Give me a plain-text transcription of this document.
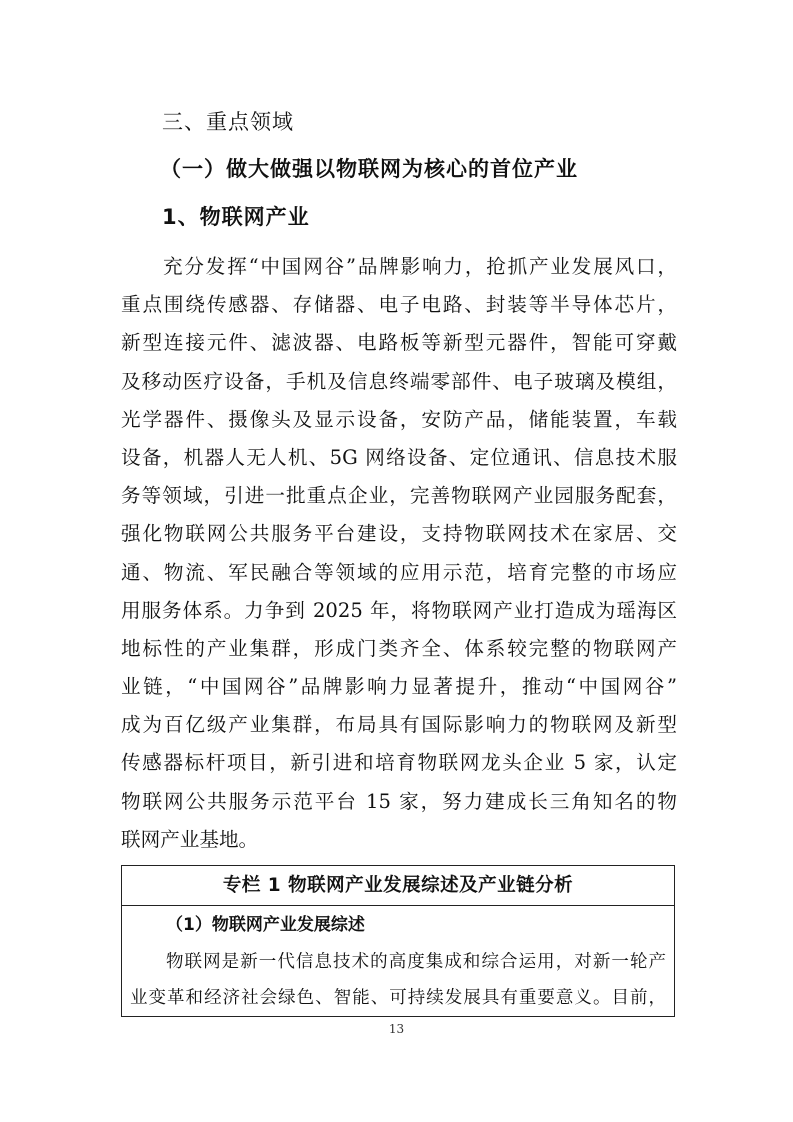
三、重点领域
（一）做大做强以物联网为核心的首位产业
1、物联网产业
充分发挥“中国网谷”品牌影响力，抢抓产业发展风口，
重点围绕传感器、存储器、电子电路、封装等半导体芯片，
新型连接元件、滤波器、电路板等新型元器件，智能可穿戴
及移动医疗设备，手机及信息终端零部件、电子玻璃及模组，
光学器件、摄像头及显示设备，安防产品，储能装置，车载
设备，机器人无人机、5G 网络设备、定位通讯、信息技术服
务等领域，引进一批重点企业，完善物联网产业园服务配套，
强化物联网公共服务平台建设，支持物联网技术在家居、交
通、物流、军民融合等领域的应用示范，培育完整的市场应
用服务体系。力争到 2025 年，将物联网产业打造成为瑶海区
地标性的产业集群，形成门类齐全、体系较完整的物联网产
业链，“中国网谷”品牌影响力显著提升，推动“中国网谷”
成为百亿级产业集群，布局具有国际影响力的物联网及新型
传感器标杆项目，新引进和培育物联网龙头企业 5 家，认定
物联网公共服务示范平台 15 家，努力建成长三角知名的物
联网产业基地。
专栏 1 物联网产业发展综述及产业链分析
（1）物联网产业发展综述
物联网是新一代信息技术的高度集成和综合运用，对新一轮产
业变革和经济社会绿色、智能、可持续发展具有重要意义。目前，
13
